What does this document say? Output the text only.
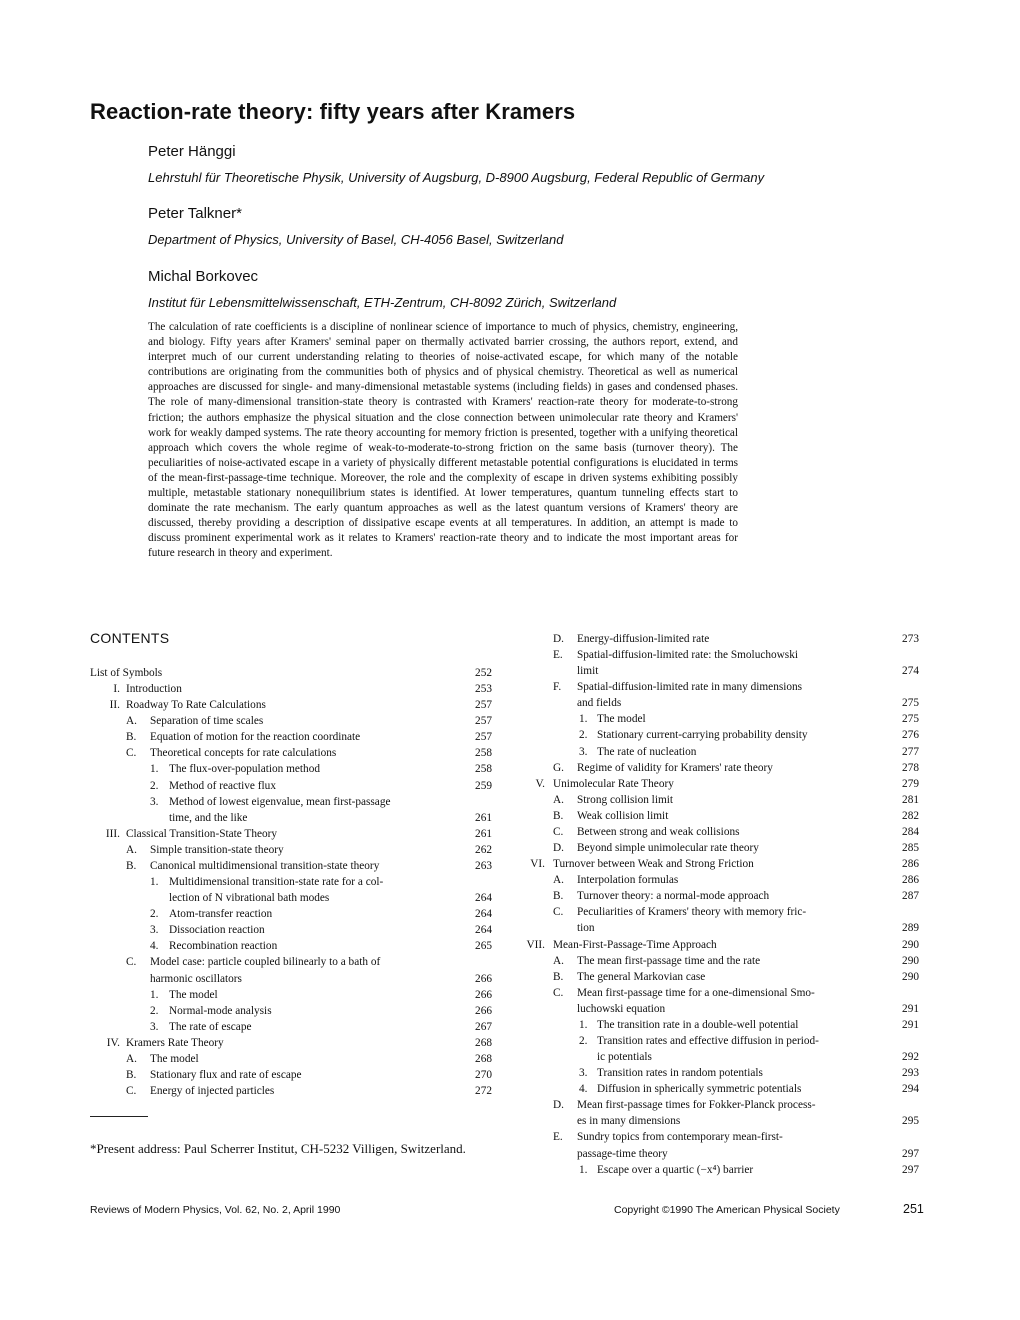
Reaction-rate theory: fifty years after Kramers
Peter Hänggi
Lehrstuhl für Theoretische Physik, University of Augsburg, D-8900 Augsburg, Federal Republic of Germany
Peter Talkner*
Department of Physics, University of Basel, CH-4056 Basel, Switzerland
Michal Borkovec
Institut für Lebensmittelwissenschaft, ETH-Zentrum, CH-8092 Zürich, Switzerland
The calculation of rate coefficients is a discipline of nonlinear science of importance to much of physics, chemistry, engineering, and biology. Fifty years after Kramers' seminal paper on thermally activated barrier crossing, the authors report, extend, and interpret much of our current understanding relating to theories of noise-activated escape, for which many of the notable contributions are originating from the communities both of physics and of physical chemistry. Theoretical as well as numerical approaches are discussed for single- and many-dimensional metastable systems (including fields) in gases and condensed phases. The role of many-dimensional transition-state theory is contrasted with Kramers' reaction-rate theory for moderate-to-strong friction; the authors emphasize the physical situation and the close connection between unimolecular rate theory and Kramers' work for weakly damped systems. The rate theory accounting for memory friction is presented, together with a unifying theoretical approach which covers the whole regime of weak-to-moderate-to-strong friction on the same basis (turnover theory). The peculiarities of noise-activated escape in a variety of physically different metastable potential configurations is elucidated in terms of the mean-first-passage-time technique. Moreover, the role and the complexity of escape in driven systems exhibiting possibly multiple, metastable stationary nonequilibrium states is identified. At lower temperatures, quantum tunneling effects start to dominate the rate mechanism. The early quantum approaches as well as the latest quantum versions of Kramers' theory are discussed, thereby providing a description of dissipative escape events at all temperatures. In addition, an attempt is made to discuss prominent experimental work as it relates to Kramers' reaction-rate theory and to indicate the most important areas for future research in theory and experiment.
CONTENTS
List of Symbols	252
I. Introduction	253
II. Roadway To Rate Calculations	257
A. Separation of time scales	257
B. Equation of motion for the reaction coordinate	257
C. Theoretical concepts for rate calculations	258
1. The flux-over-population method	258
2. Method of reactive flux	259
3. Method of lowest eigenvalue, mean first-passage
time, and the like	261
III. Classical Transition-State Theory	261
A. Simple transition-state theory	262
B. Canonical multidimensional transition-state theory	263
1. Multidimensional transition-state rate for a col-
lection of N vibrational bath modes	264
2. Atom-transfer reaction	264
3. Dissociation reaction	264
4. Recombination reaction	265
C. Model case: particle coupled bilinearly to a bath of
harmonic oscillators	266
1. The model	266
2. Normal-mode analysis	266
3. The rate of escape	267
IV. Kramers Rate Theory	268
A. The model	268
B. Stationary flux and rate of escape	270
C. Energy of injected particles	272
D. Energy-diffusion-limited rate	273
E. Spatial-diffusion-limited rate: the Smoluchowski
limit	274
F. Spatial-diffusion-limited rate in many dimensions
and fields	275
1. The model	275
2. Stationary current-carrying probability density	276
3. The rate of nucleation	277
G. Regime of validity for Kramers' rate theory	278
V. Unimolecular Rate Theory	279
A. Strong collision limit	281
B. Weak collision limit	282
C. Between strong and weak collisions	284
D. Beyond simple unimolecular rate theory	285
VI. Turnover between Weak and Strong Friction	286
A. Interpolation formulas	286
B. Turnover theory: a normal-mode approach	287
C. Peculiarities of Kramers' theory with memory fric-
tion	289
VII. Mean-First-Passage-Time Approach	290
A. The mean first-passage time and the rate	290
B. The general Markovian case	290
C. Mean first-passage time for a one-dimensional Smo-
luchowski equation	291
1. The transition rate in a double-well potential	291
2. Transition rates and effective diffusion in period-
ic potentials	292
3. Transition rates in random potentials	293
4. Diffusion in spherically symmetric potentials	294
D. Mean first-passage times for Fokker-Planck process-
es in many dimensions	295
E. Sundry topics from contemporary mean-first-
passage-time theory	297
1. Escape over a quartic (−x⁴) barrier	297
*Present address: Paul Scherrer Institut, CH-5232 Villigen, Switzerland.
Reviews of Modern Physics, Vol. 62, No. 2, April 1990	Copyright ©1990 The American Physical Society	251
